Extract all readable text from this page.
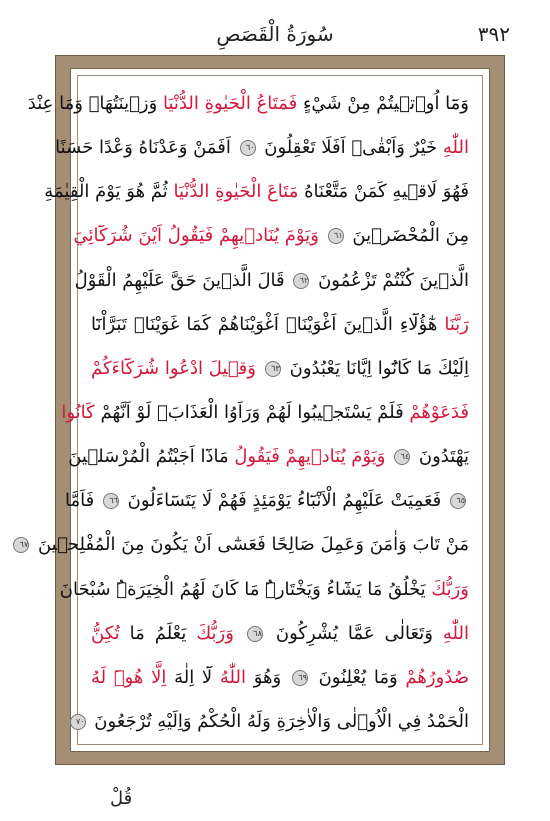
سُورَةُ الْقَصَصِ	٣٩٢
وَمَٓا اُو۫تٖيتُمْ مِنْ شَيْءٍ فَمَتَاعُ الْحَيٰوةِ الدُّنْيَا وَزٖينَتُهَاۚ وَمَا عِنْدَ
اللّٰهِ خَيْرٌ وَاَبْقٰىۜ اَفَلَا تَعْقِلُونَ ٦٠ اَفَمَنْ وَعَدْنَاهُ وَعْدًا حَسَنًا
فَهُوَ لَاقٖيهِ كَمَنْ مَتَّعْنَاهُ مَتَاعَ الْحَيٰوةِ الدُّنْيَا ثُمَّ هُوَ يَوْمَ الْقِيٰمَةِ
مِنَ الْمُحْضَرٖينَ ٦١ وَيَوْمَ يُنَادٖيهِمْ فَيَقُولُ اَيْنَ شُرَكَٓائِيَ
الَّذٖينَ كُنْتُمْ تَزْعُمُونَ ٦٢ قَالَ الَّذٖينَ حَقَّ عَلَيْهِمُ الْقَوْلُ
رَبَّنَا هٰٓؤُلَٓاءِ الَّذٖينَ اَغْوَيْنَاۚ اَغْوَيْنَاهُمْ كَمَا غَوَيْنَاۚ تَبَرَّاْنَٓا
اِلَيْكَ مَا كَانُٓوا اِيَّانَا يَعْبُدُونَ ٦٣ وَقٖيلَ ادْعُوا شُرَكَٓاءَكُمْ
فَدَعَوْهُمْ فَلَمْ يَسْتَجٖيبُوا لَهُمْ وَرَاَوُا الْعَذَابَۚ لَوْ اَنَّهُمْ كَانُوا
يَهْتَدُونَ ٦٤ وَيَوْمَ يُنَادٖيهِمْ فَيَقُولُ مَاذَٓا اَجَبْتُمُ الْمُرْسَلٖينَ
٦٥ فَعَمِيَتْ عَلَيْهِمُ الْاَنْبَٓاءُ يَوْمَئِذٍ فَهُمْ لَا يَتَسَٓاءَلُونَ ٦٦ فَاَمَّا
مَنْ تَابَ وَاٰمَنَ وَعَمِلَ صَالِحًا فَعَسٰٓى اَنْ يَكُونَ مِنَ الْمُفْلِحٖينَ ٦٧
وَرَبُّكَ يَخْلُقُ مَا يَشَٓاءُ وَيَخْتَارُۜ مَا كَانَ لَهُمُ الْخِيَرَةُۜ سُبْحَانَ
اللّٰهِ وَتَعَالٰى عَمَّا يُشْرِكُونَ ٦٨ وَرَبُّكَ يَعْلَمُ مَا تُكِنُّ
صُدُورُهُمْ وَمَا يُعْلِنُونَ ٦٩ وَهُوَ اللّٰهُ لَٓا اِلٰهَ اِلَّا هُوَۜ لَهُ
الْحَمْدُ فِي الْاُو۫لٰى وَالْاٰخِرَةِ وَلَهُ الْحُكْمُ وَاِلَيْهِ تُرْجَعُونَ ٧٠
قُلْ
